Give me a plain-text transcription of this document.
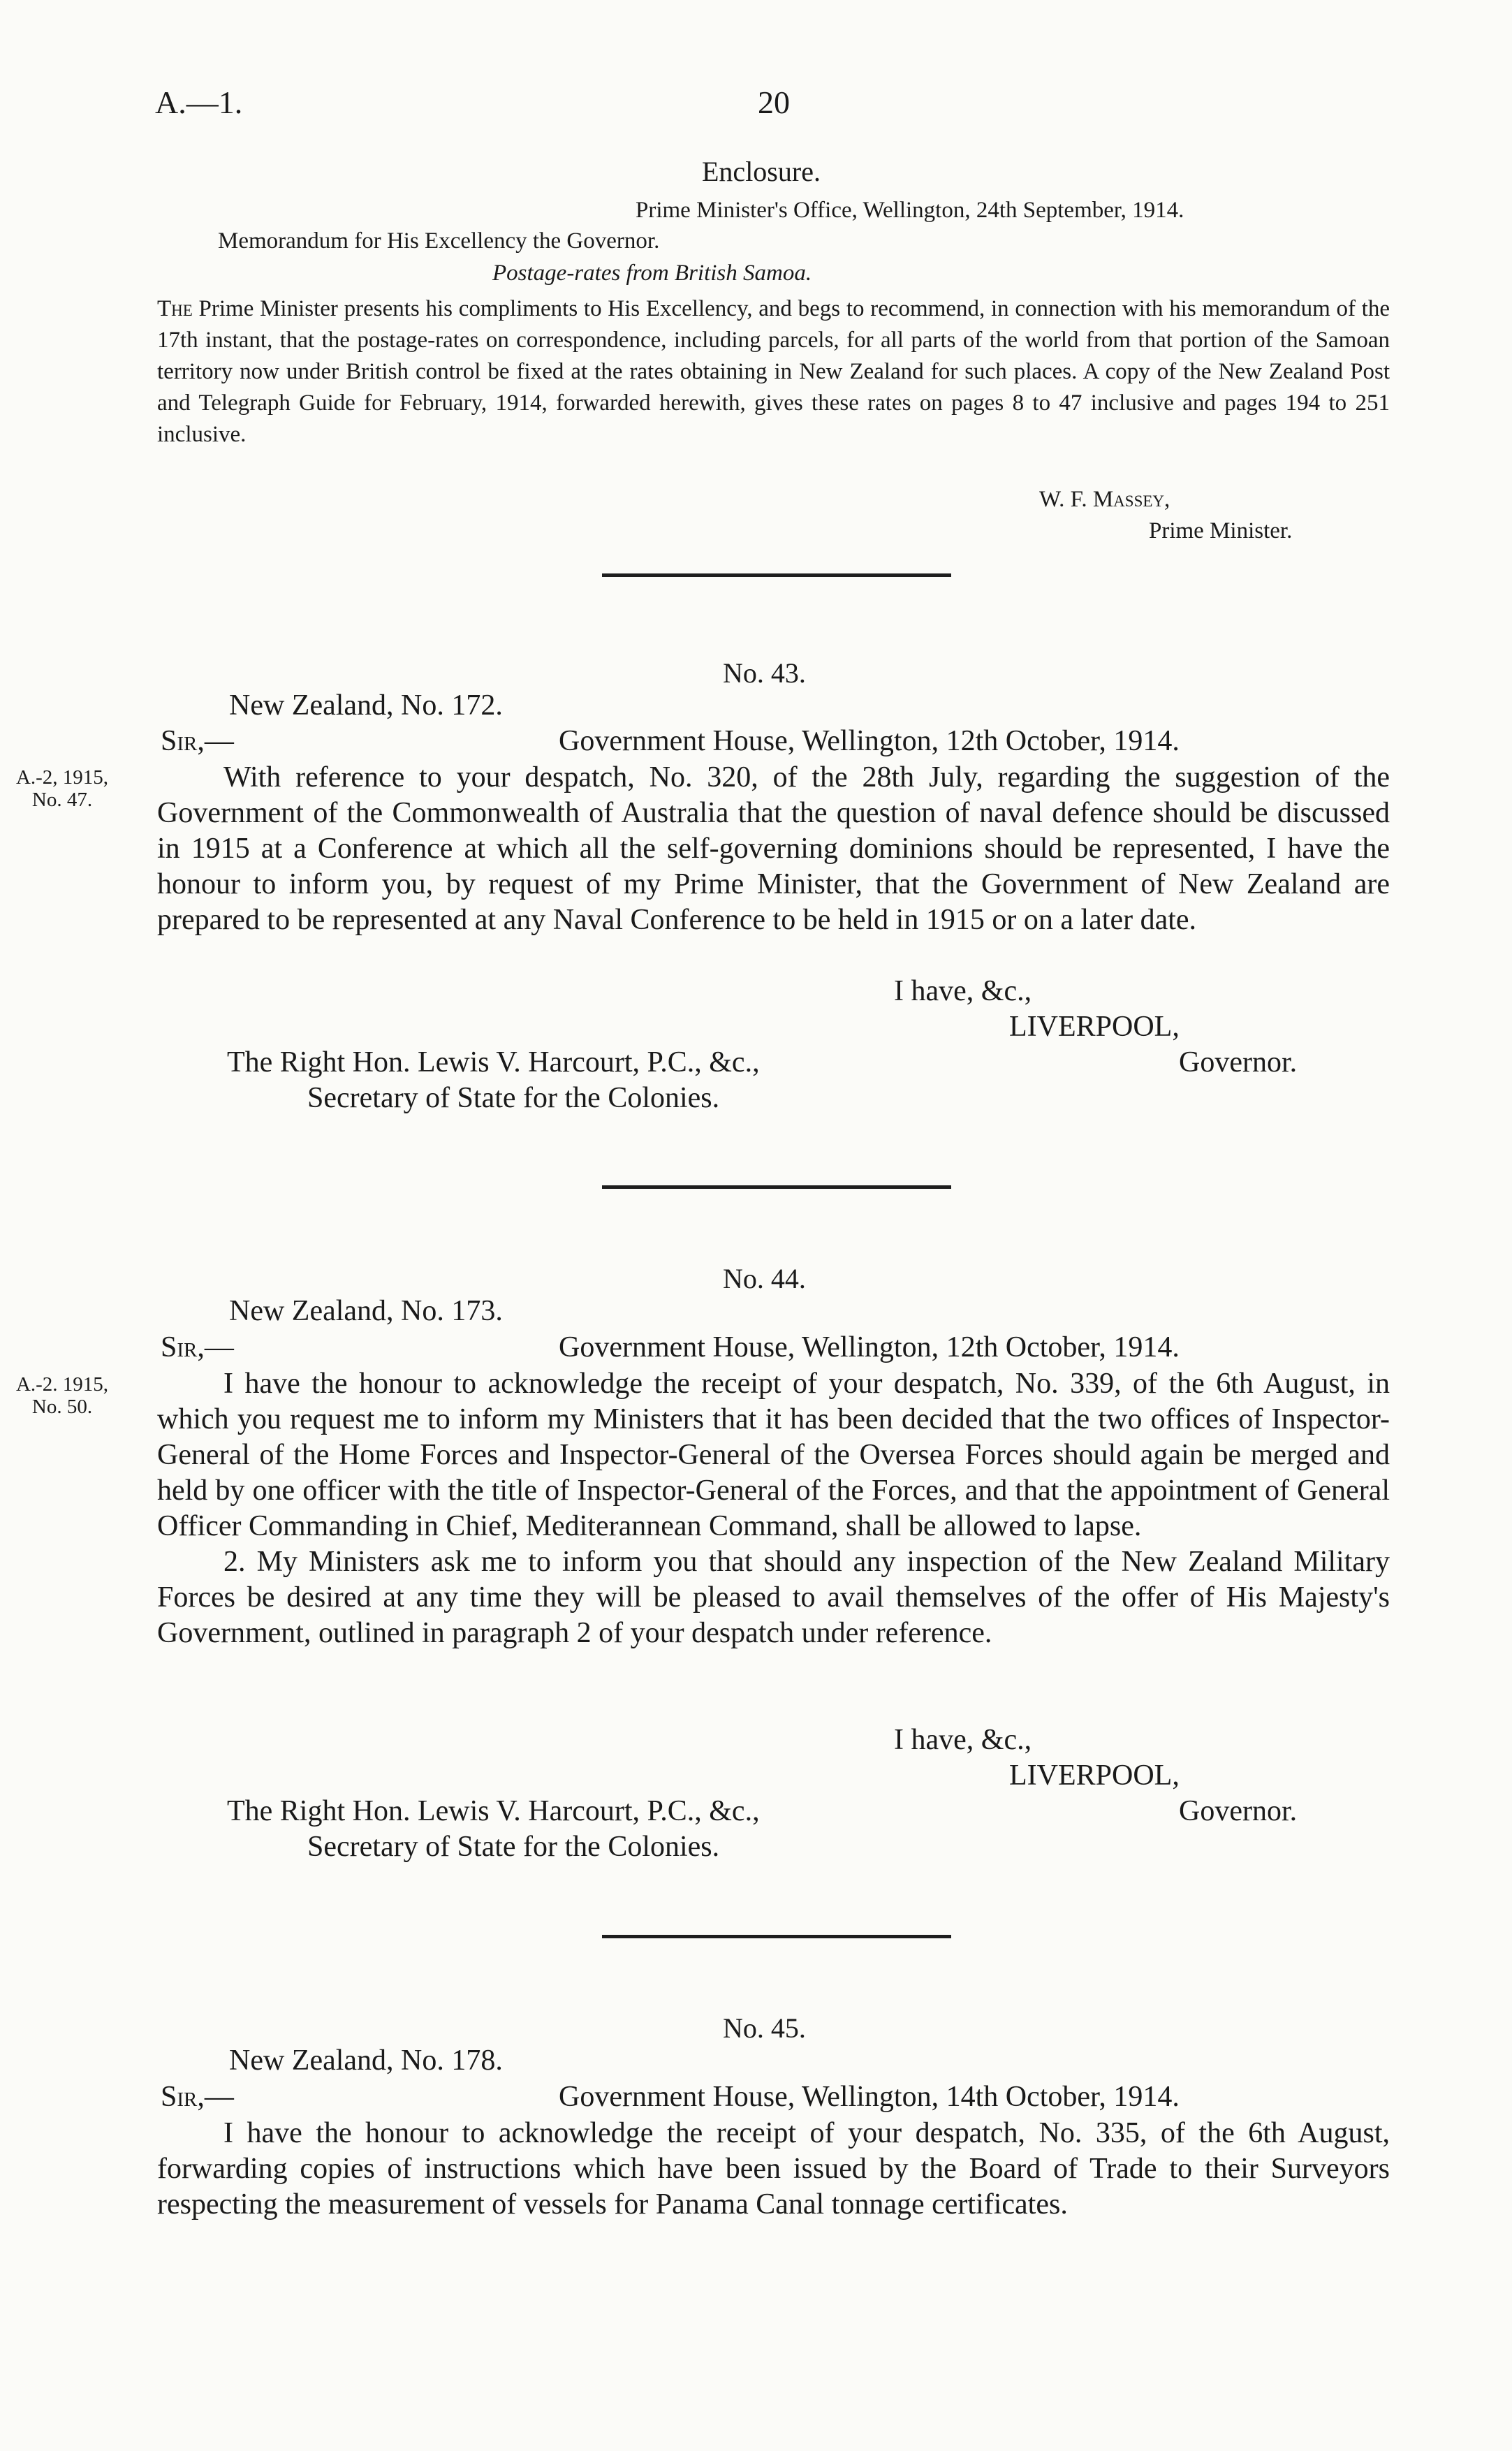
A.—1.	20
Enclosure.
Prime Minister's Office, Wellington, 24th September, 1914.
Memorandum for His Excellency the Governor.
Postage-rates from British Samoa.
The Prime Minister presents his compliments to His Excellency, and begs to recommend, in connection with his memorandum of the 17th instant, that the postage-rates on correspondence, including parcels, for all parts of the world from that portion of the Samoan territory now under British control be fixed at the rates obtaining in New Zealand for such places. A copy of the New Zealand Post and Telegraph Guide for February, 1914, forwarded herewith, gives these rates on pages 8 to 47 inclusive and pages 194 to 251 inclusive.
W. F. Massey,
Prime Minister.
No. 43.
New Zealand, No. 172.
Sir,—	Government House, Wellington, 12th October, 1914.
A.-2, 1915, No. 47.
With reference to your despatch, No. 320, of the 28th July, regarding the suggestion of the Government of the Commonwealth of Australia that the question of naval defence should be discussed in 1915 at a Conference at which all the self-governing dominions should be represented, I have the honour to inform you, by request of my Prime Minister, that the Government of New Zealand are prepared to be represented at any Naval Conference to be held in 1915 or on a later date.
I have, &c.,
LIVERPOOL,
The Right Hon. Lewis V. Harcourt, P.C., &c.,	Governor.
Secretary of State for the Colonies.
No. 44.
New Zealand, No. 173.
Sir,—	Government House, Wellington, 12th October, 1914.
A.-2. 1915, No. 50.

I have the honour to acknowledge the receipt of your despatch, No. 339, of the 6th August, in which you request me to inform my Ministers that it has been decided that the two offices of Inspector-General of the Home Forces and Inspector-General of the Oversea Forces should again be merged and held by one officer with the title of Inspector-General of the Forces, and that the appointment of General Officer Commanding in Chief, Mediterannean Command, shall be allowed to lapse.

2. My Ministers ask me to inform you that should any inspection of the New Zealand Military Forces be desired at any time they will be pleased to avail themselves of the offer of His Majesty's Government, outlined in paragraph 2 of your despatch under reference.

I have, &c.,
LIVERPOOL,
The Right Hon. Lewis V. Harcourt, P.C., &c.,	Governor.
Secretary of State for the Colonies.
No. 45.
New Zealand, No. 178.
Sir,—	Government House, Wellington, 14th October, 1914.
I have the honour to acknowledge the receipt of your despatch, No. 335, of the 6th August, forwarding copies of instructions which have been issued by the Board of Trade to their Surveyors respecting the measurement of vessels for Panama Canal tonnage certificates.
